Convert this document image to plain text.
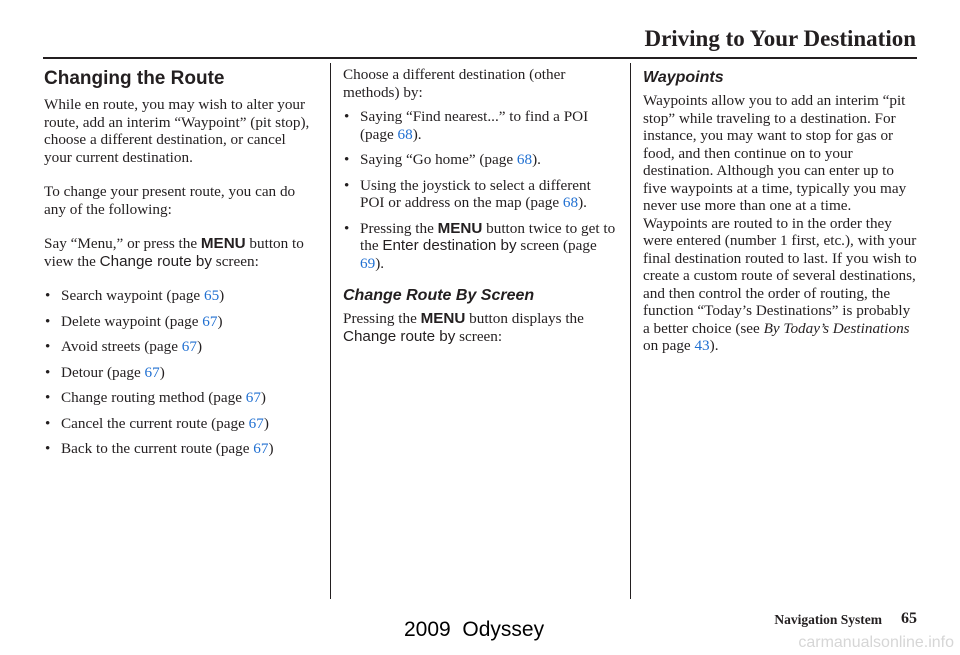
Driving to Your Destination
Changing the Route

While en route, you may wish to alter your route, add an interim “Waypoint” (pit stop), choose a different destination, or cancel your current destination.

To change your present route, you can do any of the following:

Say “Menu,” or press the MENU button to view the Change route by screen:

• Search waypoint (page 65)
• Delete waypoint (page 67)
• Avoid streets (page 67)
• Detour (page 67)
• Change routing method (page 67)
• Cancel the current route (page 67)
• Back to the current route (page 67)

Choose a different destination (other methods) by:

• Saying “Find nearest...” to find a POI (page 68).
• Saying “Go home” (page 68).
• Using the joystick to select a different POI or address on the map (page 68).
• Pressing the MENU button twice to get to the Enter destination by screen (page 69).
Change Route By Screen

Pressing the MENU button displays the Change route by screen:

Waypoints

Waypoints allow you to add an interim “pit stop” while traveling to a destination. For instance, you may want to stop for gas or food, and then continue on to your destination. Although you can enter up to five waypoints at a time, typically you may never use more than one at a time. Waypoints are routed to in the order they were entered (number 1 first, etc.), with your final destination routed to last. If you wish to create a custom route of several destinations, and then control the order of routing, the function “Today’s Destinations” is probably a better choice (see By Today’s Destinations on page 43).

Navigation System 65
2009  Odyssey
carmanualsonline.info
